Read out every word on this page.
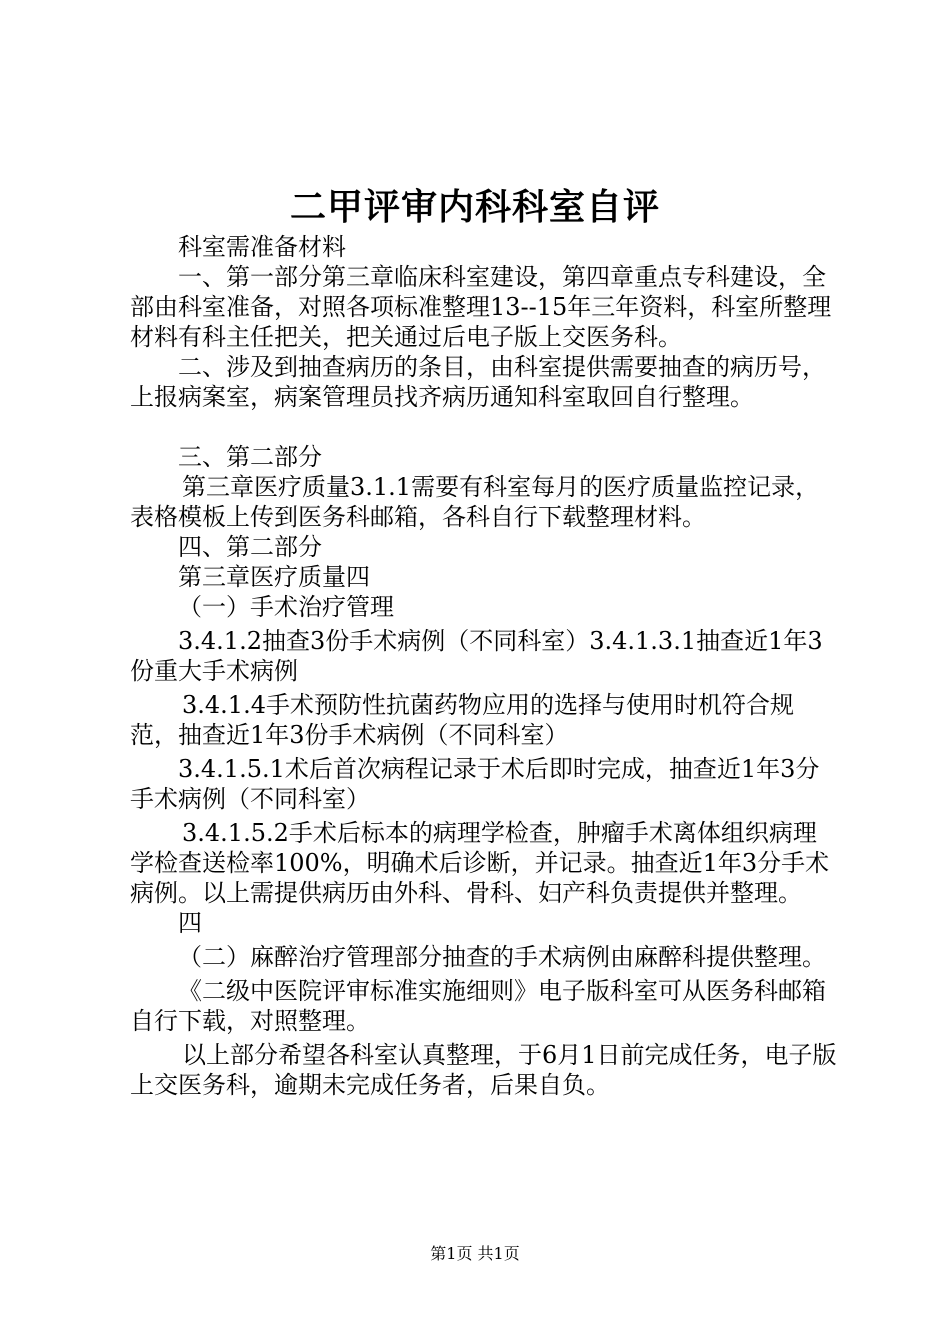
二甲评审内科科室自评

科室需准备材料

一、第一部分第三章临床科室建设，第四章重点专科建设，全部由科室准备，对照各项标准整理13--15年三年资料，科室所整理材料有科主任把关，把关通过后电子版上交医务科。

二、涉及到抽查病历的条目，由科室提供需要抽查的病历号，上报病案室，病案管理员找齐病历通知科室取回自行整理。

三、第二部分

第三章医疗质量3.1.1需要有科室每月的医疗质量监控记录，表格模板上传到医务科邮箱，各科自行下载整理材料。

四、第二部分

第三章医疗质量四

（一）手术治疗管理

3.4.1.2抽查3份手术病例（不同科室）3.4.1.3.1抽查近1年3份重大手术病例

3.4.1.4手术预防性抗菌药物应用的选择与使用时机符合规范，抽查近1年3份手术病例（不同科室）

3.4.1.5.1术后首次病程记录于术后即时完成，抽查近1年3分手术病例（不同科室）

3.4.1.5.2手术后标本的病理学检查，肿瘤手术离体组织病理学检查送检率100%，明确术后诊断，并记录。抽查近1年3分手术病例。以上需提供病历由外科、骨科、妇产科负责提供并整理。

四

（二）麻醉治疗管理部分抽查的手术病例由麻醉科提供整理。

《二级中医院评审标准实施细则》电子版科室可从医务科邮箱自行下载，对照整理。

以上部分希望各科室认真整理，于6月1日前完成任务，电子版上交医务科，逾期未完成任务者，后果自负。

第1页 共1页
